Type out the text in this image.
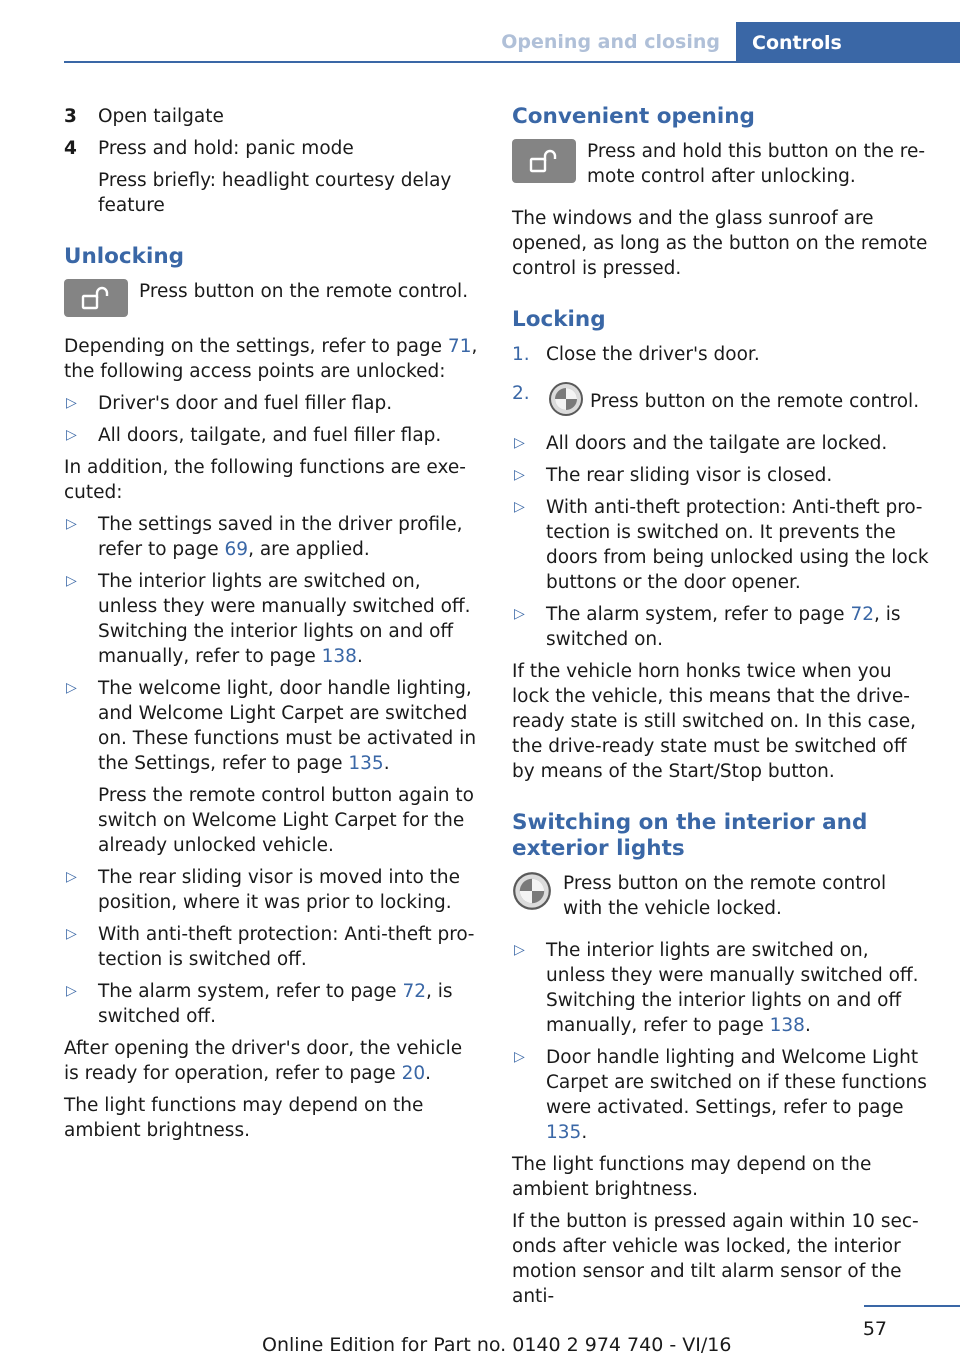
Opening and closing	Controls
3	Open tailgate
4	Press and hold: panic mode
Press briefly: headlight courtesy delay feature
Unlocking
Press button on the remote control.

Depending on the settings, refer to page 71, the following access points are unlocked:

▷ Driver's door and fuel filler flap.
▷ All doors, tailgate, and fuel filler flap.

In addition, the following functions are executed:

▷ The settings saved in the driver profile, refer to page 69, are applied.
▷ The interior lights are switched on, unless they were manually switched off. Switching the interior lights on and off manually, refer to page 138.
▷ The welcome light, door handle lighting, and Welcome Light Carpet are switched on. These functions must be activated in the Settings, refer to page 135.
Press the remote control button again to switch on Welcome Light Carpet for the already unlocked vehicle.
▷ The rear sliding visor is moved into the position, where it was prior to locking.
▷ With anti-theft protection: Anti-theft protection is switched off.
▷ The alarm system, refer to page 72, is switched off.

After opening the driver's door, the vehicle is ready for operation, refer to page 20.

The light functions may depend on the ambient brightness.

Convenient opening
Press and hold this button on the remote control after unlocking.

The windows and the glass sunroof are opened, as long as the button on the remote control is pressed.

Locking
1. Close the driver's door.
2.	Press button on the remote control.
▷ All doors and the tailgate are locked.
▷ The rear sliding visor is closed.
▷ With anti-theft protection: Anti-theft protection is switched on. It prevents the doors from being unlocked using the lock buttons or the door opener.
▷ The alarm system, refer to page 72, is switched on.

If the vehicle horn honks twice when you lock the vehicle, this means that the drive-ready state is still switched on. In this case, the drive-ready state must be switched off by means of the Start/Stop button.

Switching on the interior and exterior lights
Press button on the remote control with the vehicle locked.
▷ The interior lights are switched on, unless they were manually switched off. Switching the interior lights on and off manually, refer to page 138.
▷ Door handle lighting and Welcome Light Carpet are switched on if these functions were activated. Settings, refer to page 135.

The light functions may depend on the ambient brightness.

If the button is pressed again within 10 seconds after vehicle was locked, the interior motion sensor and tilt alarm sensor of the anti-

57
Online Edition for Part no. 0140 2 974 740 - VI/16
